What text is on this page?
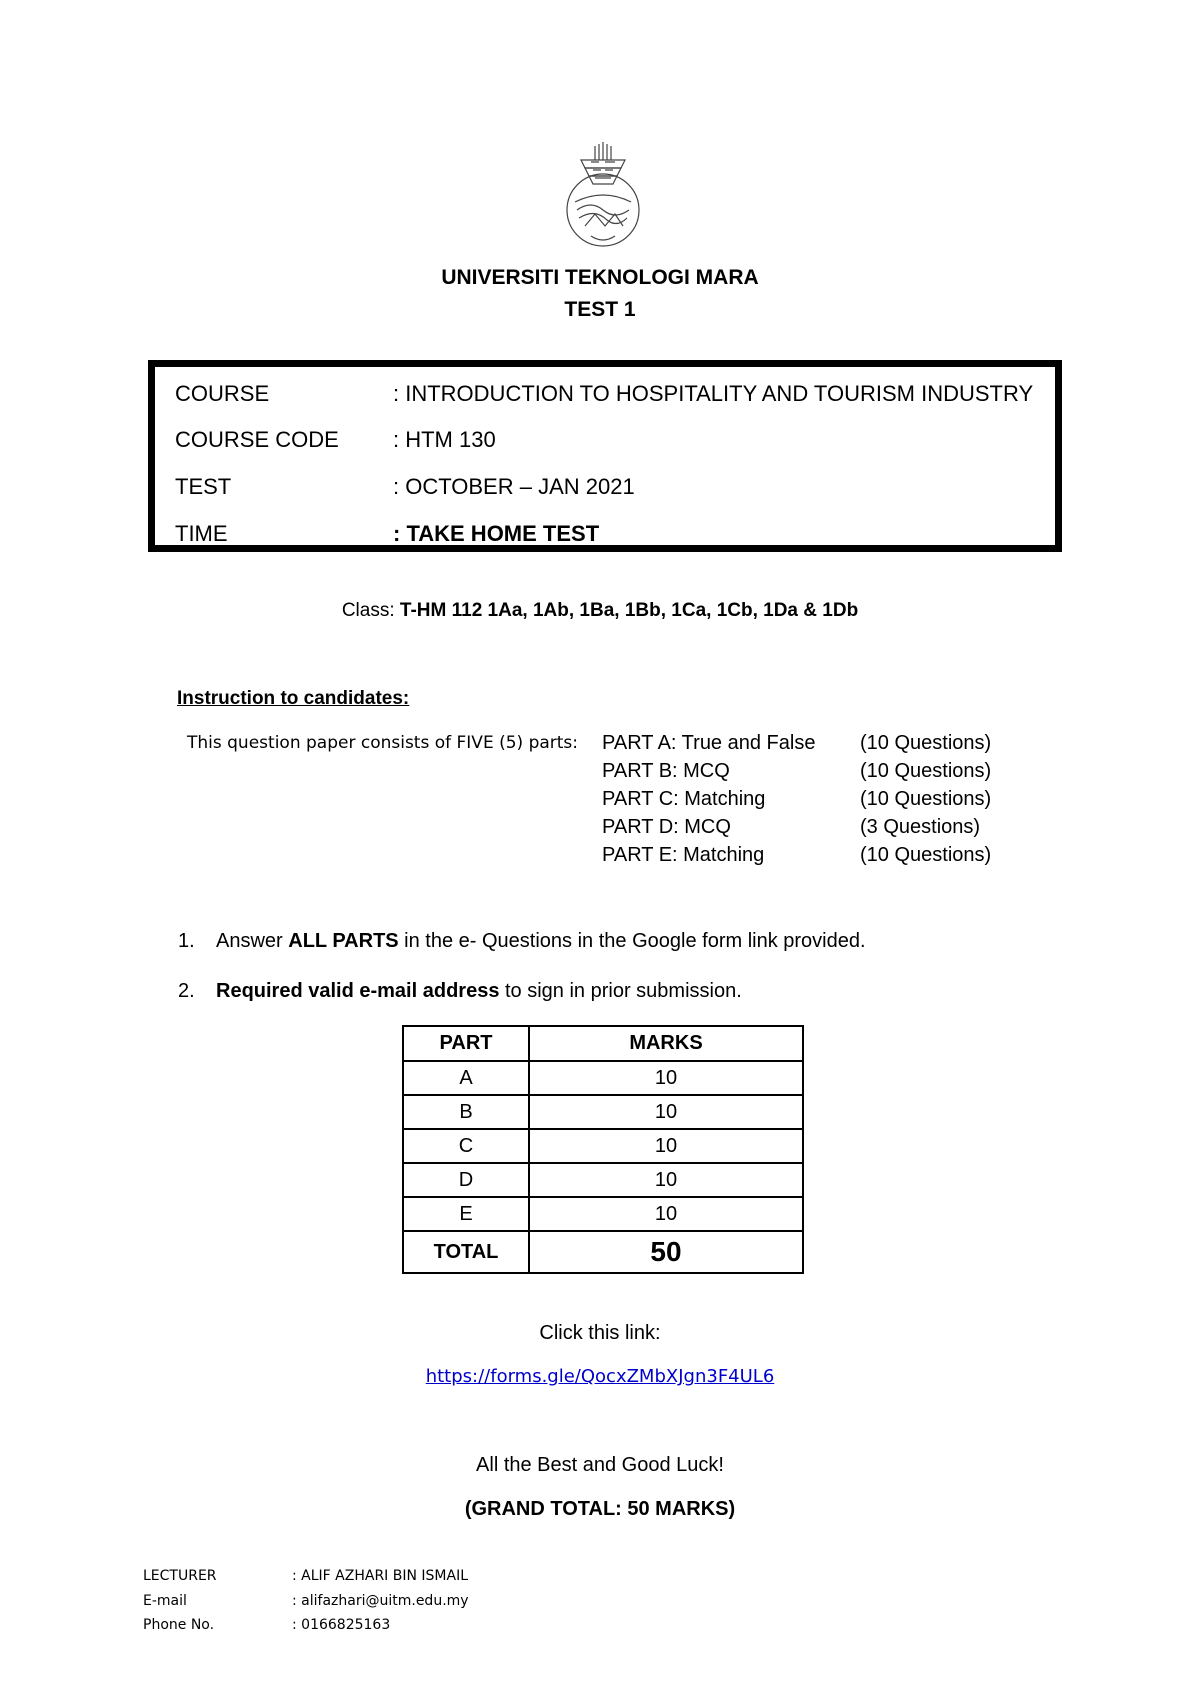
UNIVERSITI TEKNOLOGI MARA
TEST 1
COURSE	: INTRODUCTION TO HOSPITALITY AND TOURISM INDUSTRY
COURSE CODE	: HTM 130
TEST	: OCTOBER – JAN 2021
TIME	: TAKE HOME TEST
Class: T-HM 112 1Aa, 1Ab, 1Ba, 1Bb, 1Ca, 1Cb, 1Da & 1Db
Instruction to candidates:
This question paper consists of FIVE (5) parts: PART A: True and False (10 Questions)
PART B: MCQ	(10 Questions)
PART C: Matching	(10 Questions)
PART D: MCQ	(3 Questions)
PART E: Matching	(10 Questions)
1. Answer ALL PARTS in the e- Questions in the Google form link provided.
2. Required valid e-mail address to sign in prior submission.
PART	MARKS
A	10
B	10
C	10
D	10
E	10
TOTAL	50
Click this link:
https://forms.gle/QocxZMbXJgn3F4UL6
All the Best and Good Luck!
(GRAND TOTAL: 50 MARKS)
LECTURER	: ALIF AZHARI BIN ISMAIL
E-mail	: alifazhari@uitm.edu.my
Phone No.	: 0166825163
